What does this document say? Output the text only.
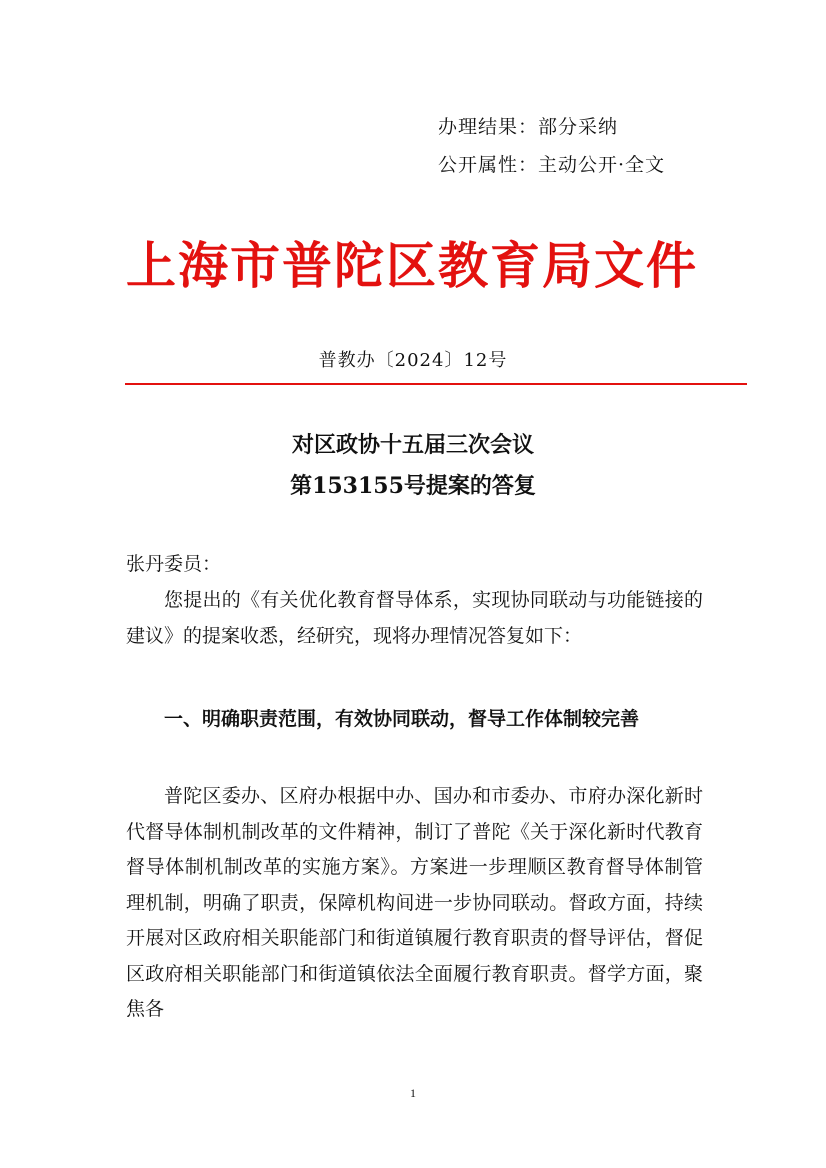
办理结果：部分采纳
公开属性：主动公开·全文
上海市普陀区教育局文件
普教办〔2024〕12号
对区政协十五届三次会议
第153155号提案的答复
张丹委员：
您提出的《有关优化教育督导体系，实现协同联动与功能链接的建议》的提案收悉，经研究，现将办理情况答复如下：
一、明确职责范围，有效协同联动，督导工作体制较完善
普陀区委办、区府办根据中办、国办和市委办、市府办深化新时代督导体制机制改革的文件精神，制订了普陀《关于深化新时代教育督导体制机制改革的实施方案》。方案进一步理顺区教育督导体制管理机制，明确了职责，保障机构间进一步协同联动。督政方面，持续开展对区政府相关职能部门和街道镇履行教育职责的督导评估，督促区政府相关职能部门和街道镇依法全面履行教育职责。督学方面，聚焦各
1
